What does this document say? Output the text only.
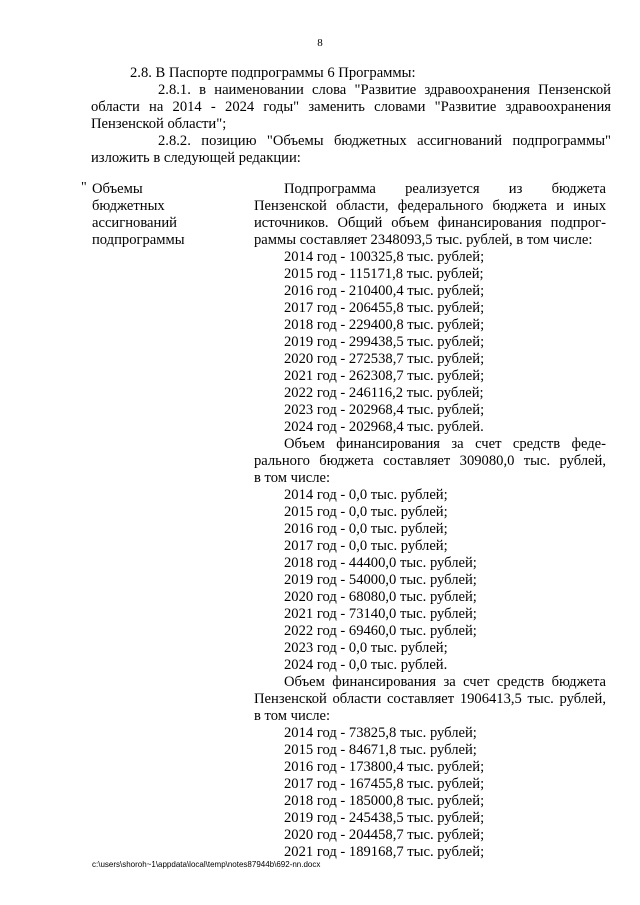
8
2.8. В Паспорте подпрограммы 6 Программы:
2.8.1. в наименовании слова "Развитие здравоохранения Пензенской
области на 2014 - 2024 годы" заменить словами "Развитие здравоохранения
Пензенской области";
2.8.2. позицию "Объемы бюджетных ассигнований подпрограммы"
изложить в следующей редакции:
" Объемы
бюджетных
ассигнований
подпрограммы
Подпрограмма реализуется из бюджета
Пензенской области, федерального бюджета и иных
источников. Общий объем финансирования подпрог-
раммы составляет 2348093,5 тыс. рублей, в том числе:
2014 год - 100325,8 тыс. рублей;
2015 год - 115171,8 тыс. рублей;
2016 год - 210400,4 тыс. рублей;
2017 год - 206455,8 тыс. рублей;
2018 год - 229400,8 тыс. рублей;
2019 год - 299438,5 тыс. рублей;
2020 год - 272538,7 тыс. рублей;
2021 год - 262308,7 тыс. рублей;
2022 год - 246116,2 тыс. рублей;
2023 год - 202968,4 тыс. рублей;
2024 год - 202968,4 тыс. рублей.
Объем финансирования за счет средств феде-
рального бюджета составляет 309080,0 тыс. рублей,
в том числе:
2014 год - 0,0 тыс. рублей;
2015 год - 0,0 тыс. рублей;
2016 год - 0,0 тыс. рублей;
2017 год - 0,0 тыс. рублей;
2018 год - 44400,0 тыс. рублей;
2019 год - 54000,0 тыс. рублей;
2020 год - 68080,0 тыс. рублей;
2021 год - 73140,0 тыс. рублей;
2022 год - 69460,0 тыс. рублей;
2023 год - 0,0 тыс. рублей;
2024 год - 0,0 тыс. рублей.
Объем финансирования за счет средств бюджета
Пензенской области составляет 1906413,5 тыс. рублей,
в том числе:
2014 год - 73825,8 тыс. рублей;
2015 год - 84671,8 тыс. рублей;
2016 год - 173800,4 тыс. рублей;
2017 год - 167455,8 тыс. рублей;
2018 год - 185000,8 тыс. рублей;
2019 год - 245438,5 тыс. рублей;
2020 год - 204458,7 тыс. рублей;
2021 год - 189168,7 тыс. рублей;
c:\users\shoroh~1\appdata\local\temp\notes87944b\692-nn.docx
